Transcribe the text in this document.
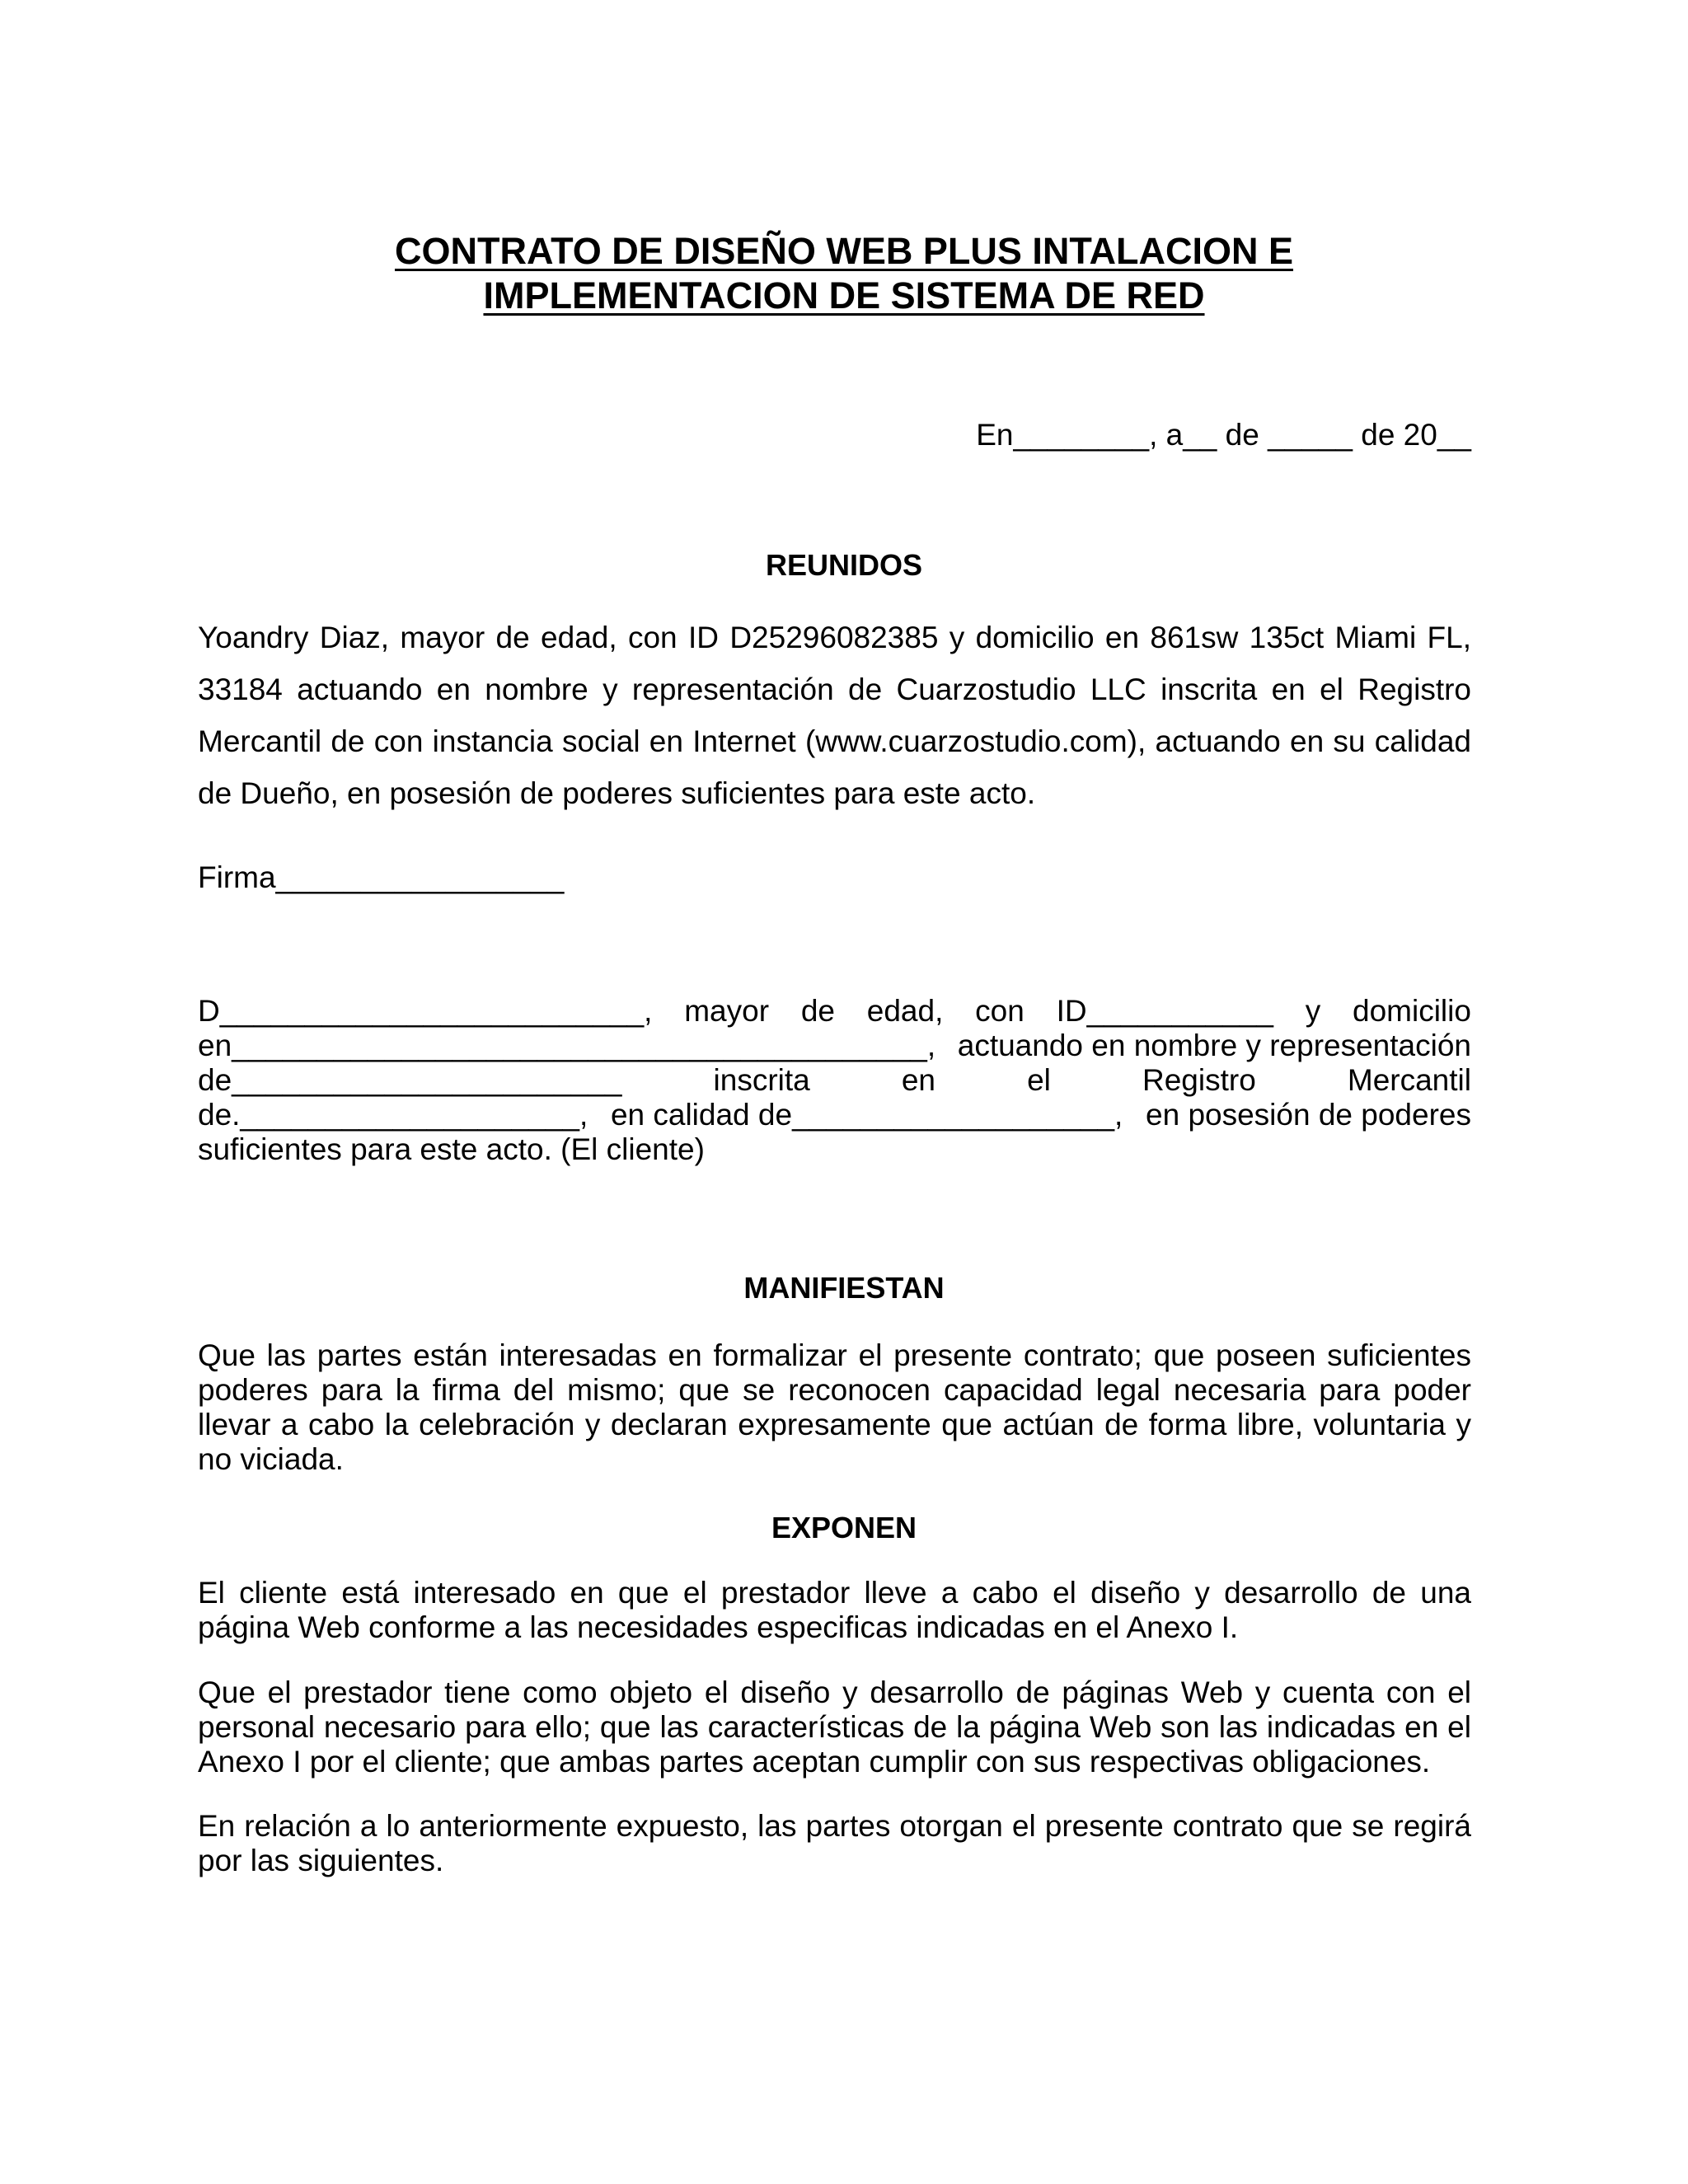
CONTRATO DE DISEÑO WEB PLUS INTALACION E
IMPLEMENTACION DE SISTEMA DE RED
En________, a__ de _____ de 20__
REUNIDOS

Yoandry Diaz, mayor de edad, con ID D25296082385 y domicilio en 861sw 135ct Miami FL, 33184 actuando en nombre y representación de Cuarzostudio LLC inscrita en el Registro Mercantil de con instancia social en Internet (www.cuarzostudio.com), actuando en su calidad de Dueño, en posesión de poderes suficientes para este acto.

Firma_________________
D_________________________, mayor de edad, con ID___________ y domicilio
en_________________________________________, actuando en nombre y representación
de_______________________	inscrita	en	el	Registro	Mercantil
de.____________________, en calidad de___________________, en posesión de poderes
suficientes para este acto. (El cliente)
MANIFIESTAN

Que las partes están interesadas en formalizar el presente contrato; que poseen suficientes poderes para la firma del mismo; que se reconocen capacidad legal necesaria para poder llevar a cabo la celebración y declaran expresamente que actúan de forma libre, voluntaria y no viciada.

EXPONEN

El cliente está interesado en que el prestador lleve a cabo el diseño y desarrollo de una página Web conforme a las necesidades especificas indicadas en el Anexo I.

Que el prestador tiene como objeto el diseño y desarrollo de páginas Web y cuenta con el personal necesario para ello; que las características de la página Web son las indicadas en el Anexo I por el cliente; que ambas partes aceptan cumplir con sus respectivas obligaciones.

En relación a lo anteriormente expuesto, las partes otorgan el presente contrato que se regirá por las siguientes.
